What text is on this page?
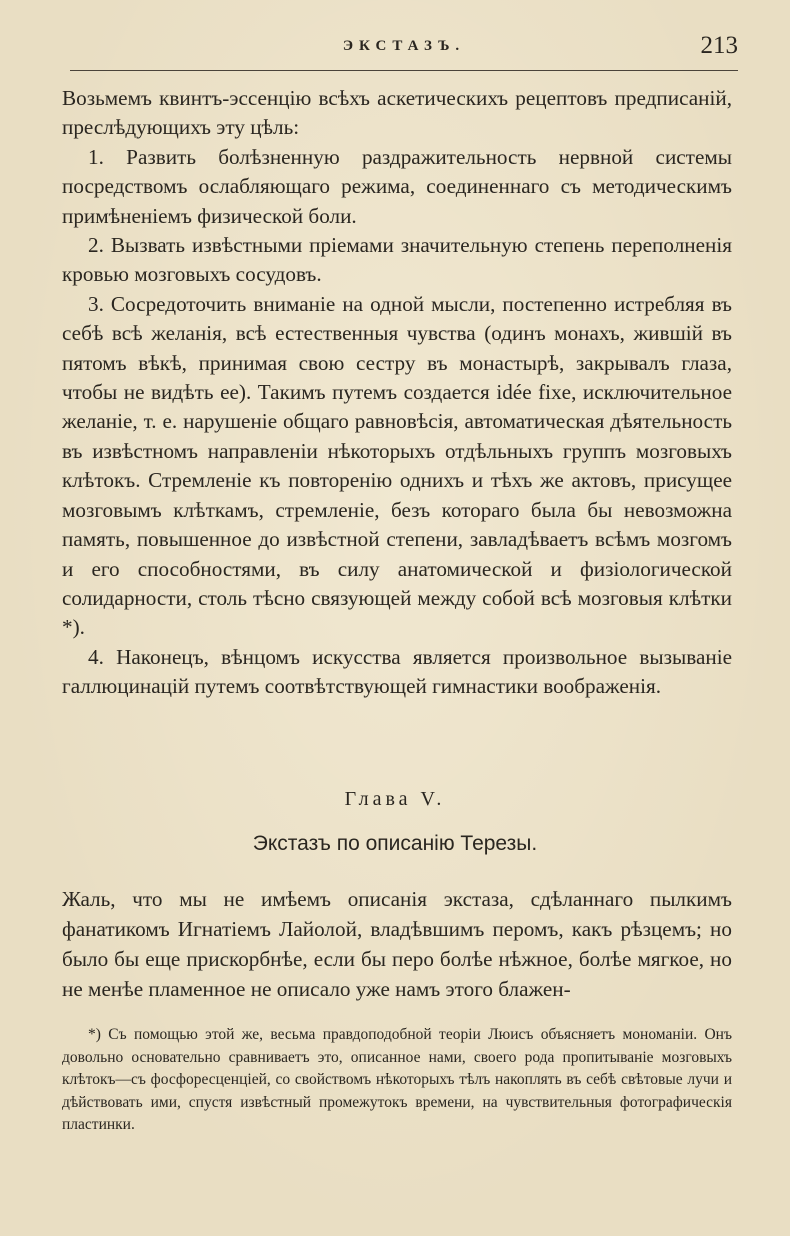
ЭКСТАЗЪ.	213

Возьмемъ квинтъ-эссенцію всѣхъ аскетическихъ рецептовъ предписаній, преслѣдующихъ эту цѣль:

1. Развить болѣзненную раздражительность нервной системы посредствомъ ослабляющаго режима, соединеннаго съ методическимъ примѣненіемъ физической боли.

2. Вызвать извѣстными пріемами значительную степень переполненія кровью мозговыхъ сосудовъ.

3. Сосредоточить вниманіе на одной мысли, постепенно истребляя въ себѣ всѣ желанія, всѣ естественныя чувства (одинъ монахъ, жившій въ пятомъ вѣкѣ, принимая свою сестру въ монастырѣ, закрывалъ глаза, чтобы не видѣть ее). Такимъ путемъ создается idée fixe, исключительное желаніе, т. е. нарушеніе общаго равновѣсія, автоматическая дѣятельность въ извѣстномъ направленіи нѣкоторыхъ отдѣльныхъ группъ мозговыхъ клѣтокъ. Стремленіе къ повторенію однихъ и тѣхъ же актовъ, присущее мозговымъ клѣткамъ, стремленіе, безъ котораго была бы невозможна память, повышенное до извѣстной степени, завладѣваетъ всѣмъ мозгомъ и его способностями, въ силу анатомической и физіологической солидарности, столь тѣсно связующей между собой всѣ мозговыя клѣтки *).

4. Наконецъ, вѣнцомъ искусства является произвольное вызываніе галлюцинацій путемъ соотвѣтствующей гимнастики воображенія.

Глава V.
Экстазъ по описанію Терезы.

Жаль, что мы не имѣемъ описанія экстаза, сдѣланнаго пылкимъ фанатикомъ Игнатіемъ Лайолой, владѣвшимъ перомъ, какъ рѣзцемъ; но было бы еще прискорбнѣе, если бы перо болѣе нѣжное, болѣе мягкое, но не менѣе пламенное не описало уже намъ этого блажен-

*) Съ помощью этой же, весьма правдоподобной теоріи Люисъ объясняетъ мономаніи. Онъ довольно основательно сравниваетъ это, описанное нами, своего рода пропитываніе мозговыхъ клѣтокъ—съ фосфоресценціей, со свойствомъ нѣкоторыхъ тѣлъ накоплять въ себѣ свѣтовые лучи и дѣйствовать ими, спустя извѣстный промежутокъ времени, на чувствительныя фотографическія пластинки.
